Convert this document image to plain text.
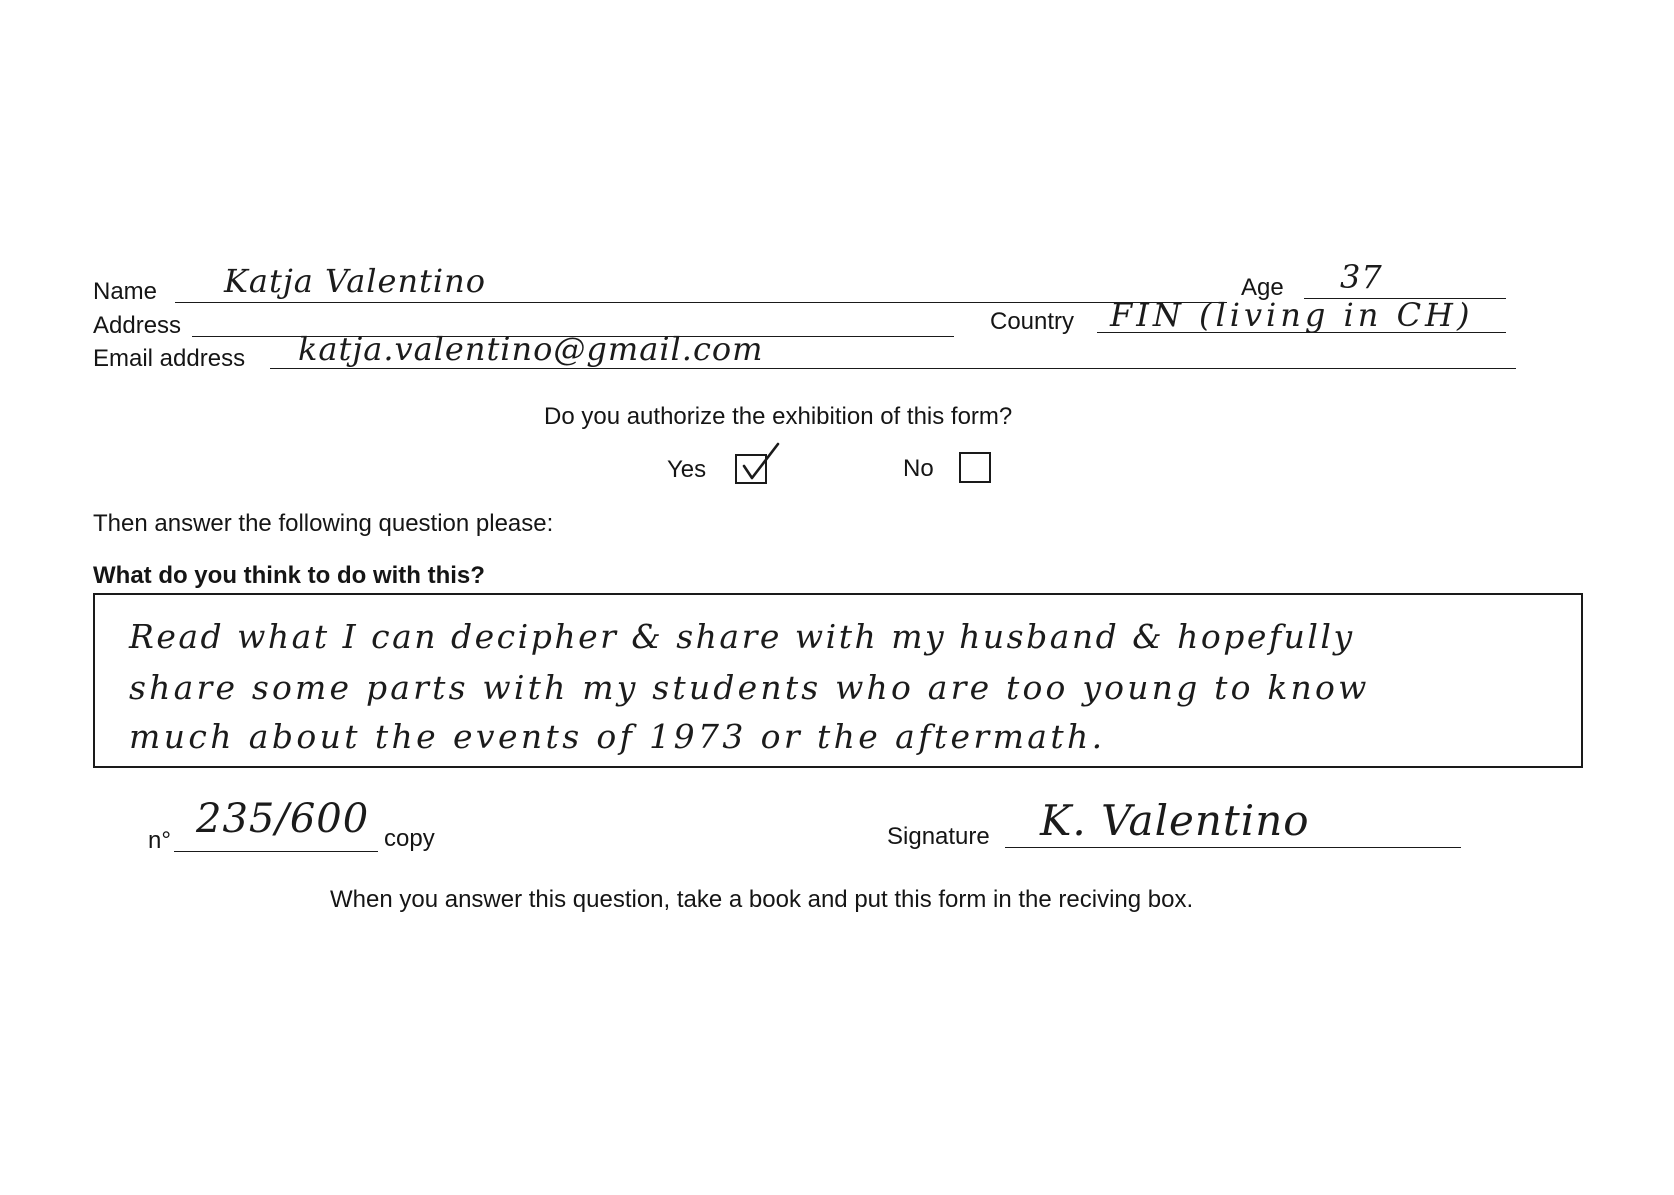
Name Katja Valentino	Age 37
Address	Country FIN (living in CH)
Email address katja.valentino@gmail.com
Do you authorize the exhibition of this form?
Yes	No
Then answer the following question please:
What do you think to do with this?
Read what I can decipher & share with my husband & hopefully
share some parts with my students who are too young to know
much about the events of 1973 or the aftermath.
n° 235/600 copy	Signature K. Valentino
When you answer this question, take a book and put this form in the reciving box.
